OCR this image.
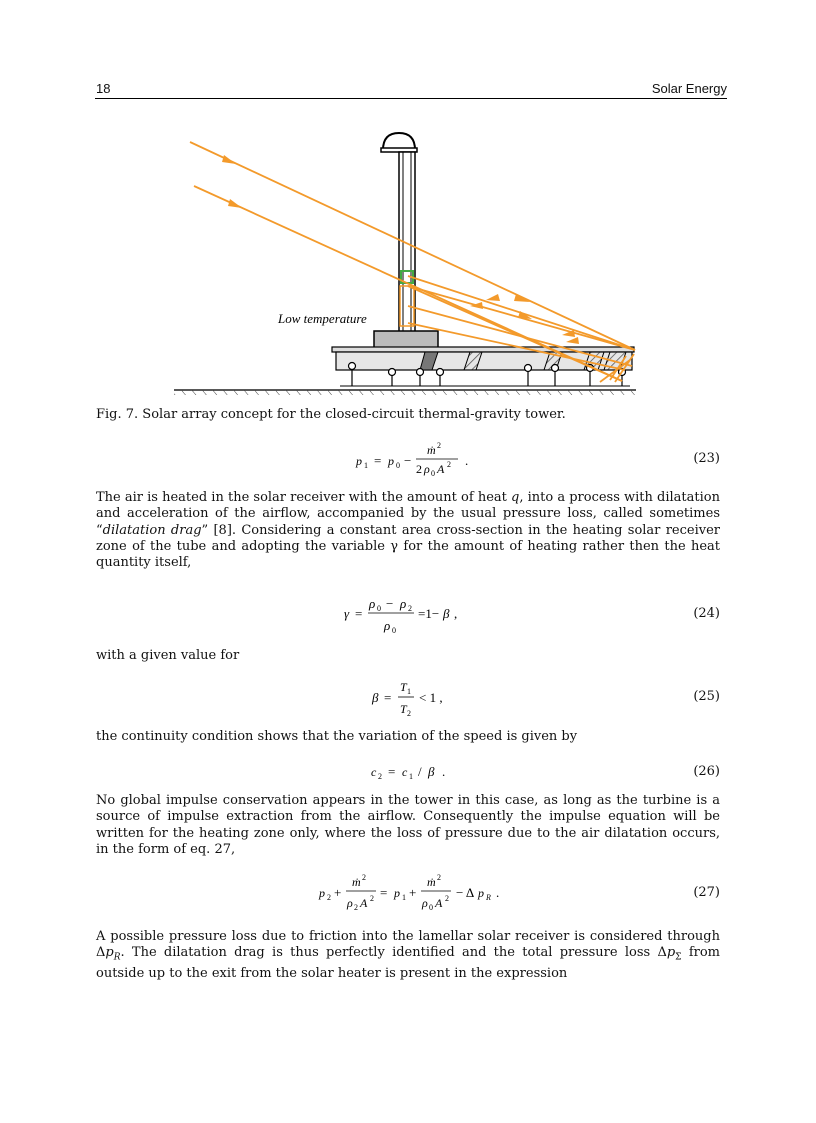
18	Solar Energy
Low temperature
Fig. 7. Solar array concept for the closed-circuit thermal-gravity tower.
p 1 = p 0 −
ṁ 2
2 ρ 0 A 2 .	(23)
The air is heated in the solar receiver with the amount of heat q, into a process with dilatation and acceleration of the airflow, accompanied by the usual pressure loss, called sometimes “dilatation drag” [8]. Considering a constant area cross-section in the heating solar receiver zone of the tube and adopting the variable γ for the amount of heating rather then the heat quantity itself,
γ =
ρ 0 − ρ 2
ρ 0
=1− β ,	(24)
with a given value for
β =
T 1
T 2
< 1 ,	(25)
the continuity condition shows that the variation of the speed is given by
c 2 = c 1 / β .	(26)
No global impulse conservation appears in the tower in this case, as long as the turbine is a source of impulse extraction from the airflow. Consequently the impulse equation will be written for the heating zone only, where the loss of pressure due to the air dilatation occurs, in the form of eq. 27,
p 2 +
ṁ 2
ρ 2 A 2 = p 1 +
ṁ 2
ρ 0 A 2 − Δ p R .	(27)
A possible pressure loss due to friction into the lamellar solar receiver is considered through $\Delta p_R$. The dilatation drag is thus perfectly identified and the total pressure loss $\Delta p_\Sigma$ from outside up to the exit from the solar heater is present in the expression
